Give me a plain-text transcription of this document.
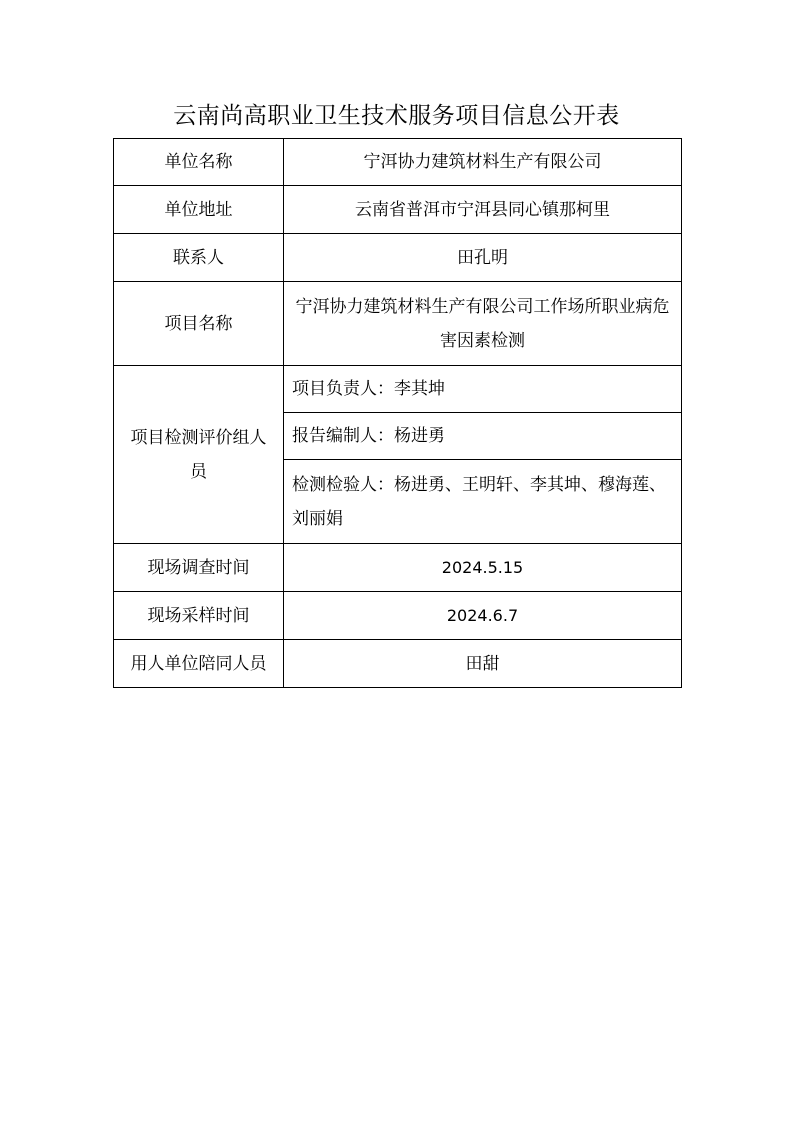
云南尚高职业卫生技术服务项目信息公开表
单位名称	宁洱协力建筑材料生产有限公司
单位地址	云南省普洱市宁洱县同心镇那柯里
联系人	田孔明
项目名称	宁洱协力建筑材料生产有限公司工作场所职业病危害因素检测
项目检测评价组人员	项目负责人：李其坤
	报告编制人：杨进勇
	检测检验人：杨进勇、王明轩、李其坤、穆海莲、刘丽娟
现场调查时间	2024.5.15
现场采样时间	2024.6.7
用人单位陪同人员	田甜
